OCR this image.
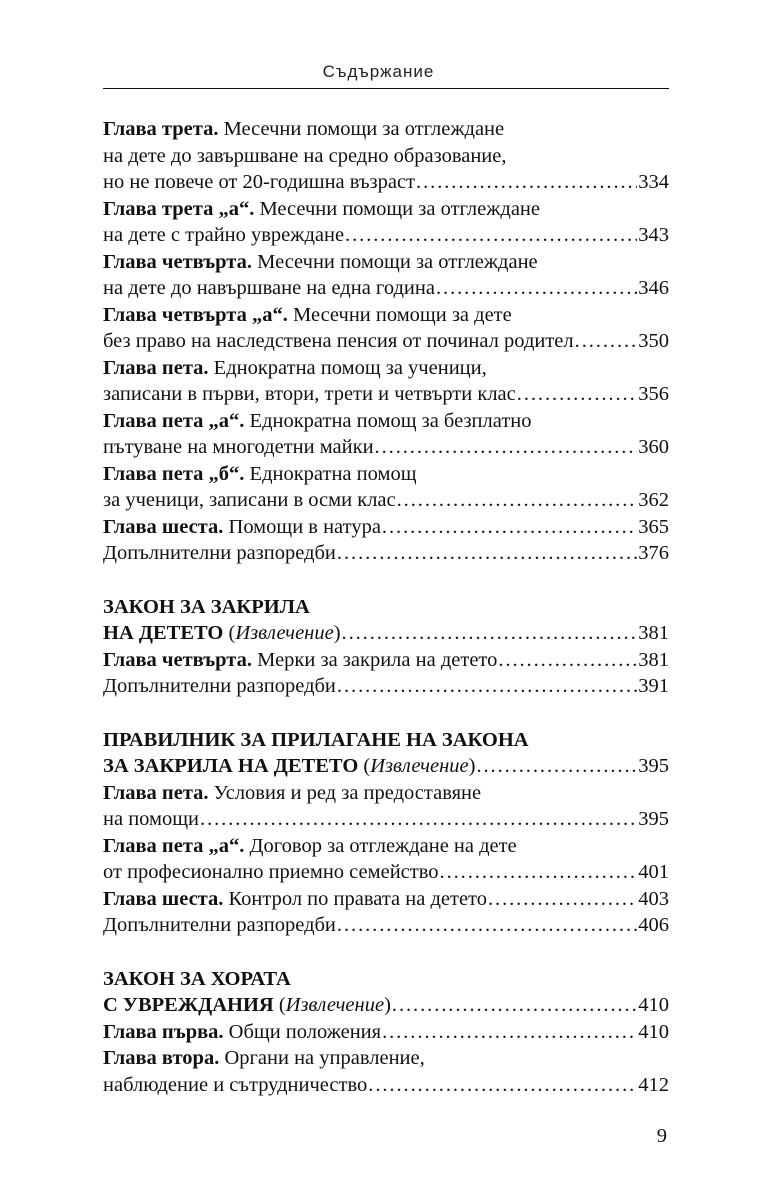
Съдържание
Глава трета. Месечни помощи за отглеждане
на дете до завършване на средно образование,
но не повече от 20-годишна възраст . . .	334
Глава трета „а“. Месечни помощи за отглеждане
на дете с трайно увреждане . . .	343
Глава четвърта. Месечни помощи за отглеждане
на дете до навършване на една година . . .	346
Глава четвърта „а“. Месечни помощи за дете
без право на наследствена пенсия от починал родител . . .	350
Глава пета. Еднократна помощ за ученици,
записани в първи, втори, трети и четвърти клас . . .	356
Глава пета „а“. Еднократна помощ за безплатно
пътуване на многодетни майки . . .	360
Глава пета „б“. Еднократна помощ
за ученици, записани в осми клас . . .	362
Глава шеста. Помощи в натура . . .	365
Допълнителни разпоредби . . .	376
ЗАКОН ЗА ЗАКРИЛА
НА ДЕТЕТО (Извлечение) . . .	381
Глава четвърта. Мерки за закрила на детето . . .	381
Допълнителни разпоредби . . .	391
ПРАВИЛНИК ЗА ПРИЛАГАНЕ НА ЗАКОНА
ЗА ЗАКРИЛА НА ДЕТЕТО (Извлечение) . . .	395
Глава пета. Условия и ред за предоставяне
на помощи . . .	395
Глава пета „а“. Договор за отглеждане на дете
от професионално приемно семейство . . .	401
Глава шеста. Контрол по правата на детето . . .	403
Допълнителни разпоредби . . .	406
ЗАКОН ЗА ХОРАТА
С УВРЕЖДАНИЯ (Извлечение) . . .	410
Глава първа. Общи положения . . .	410
Глава втора. Органи на управление,
наблюдение и сътрудничество . . .	412
9
